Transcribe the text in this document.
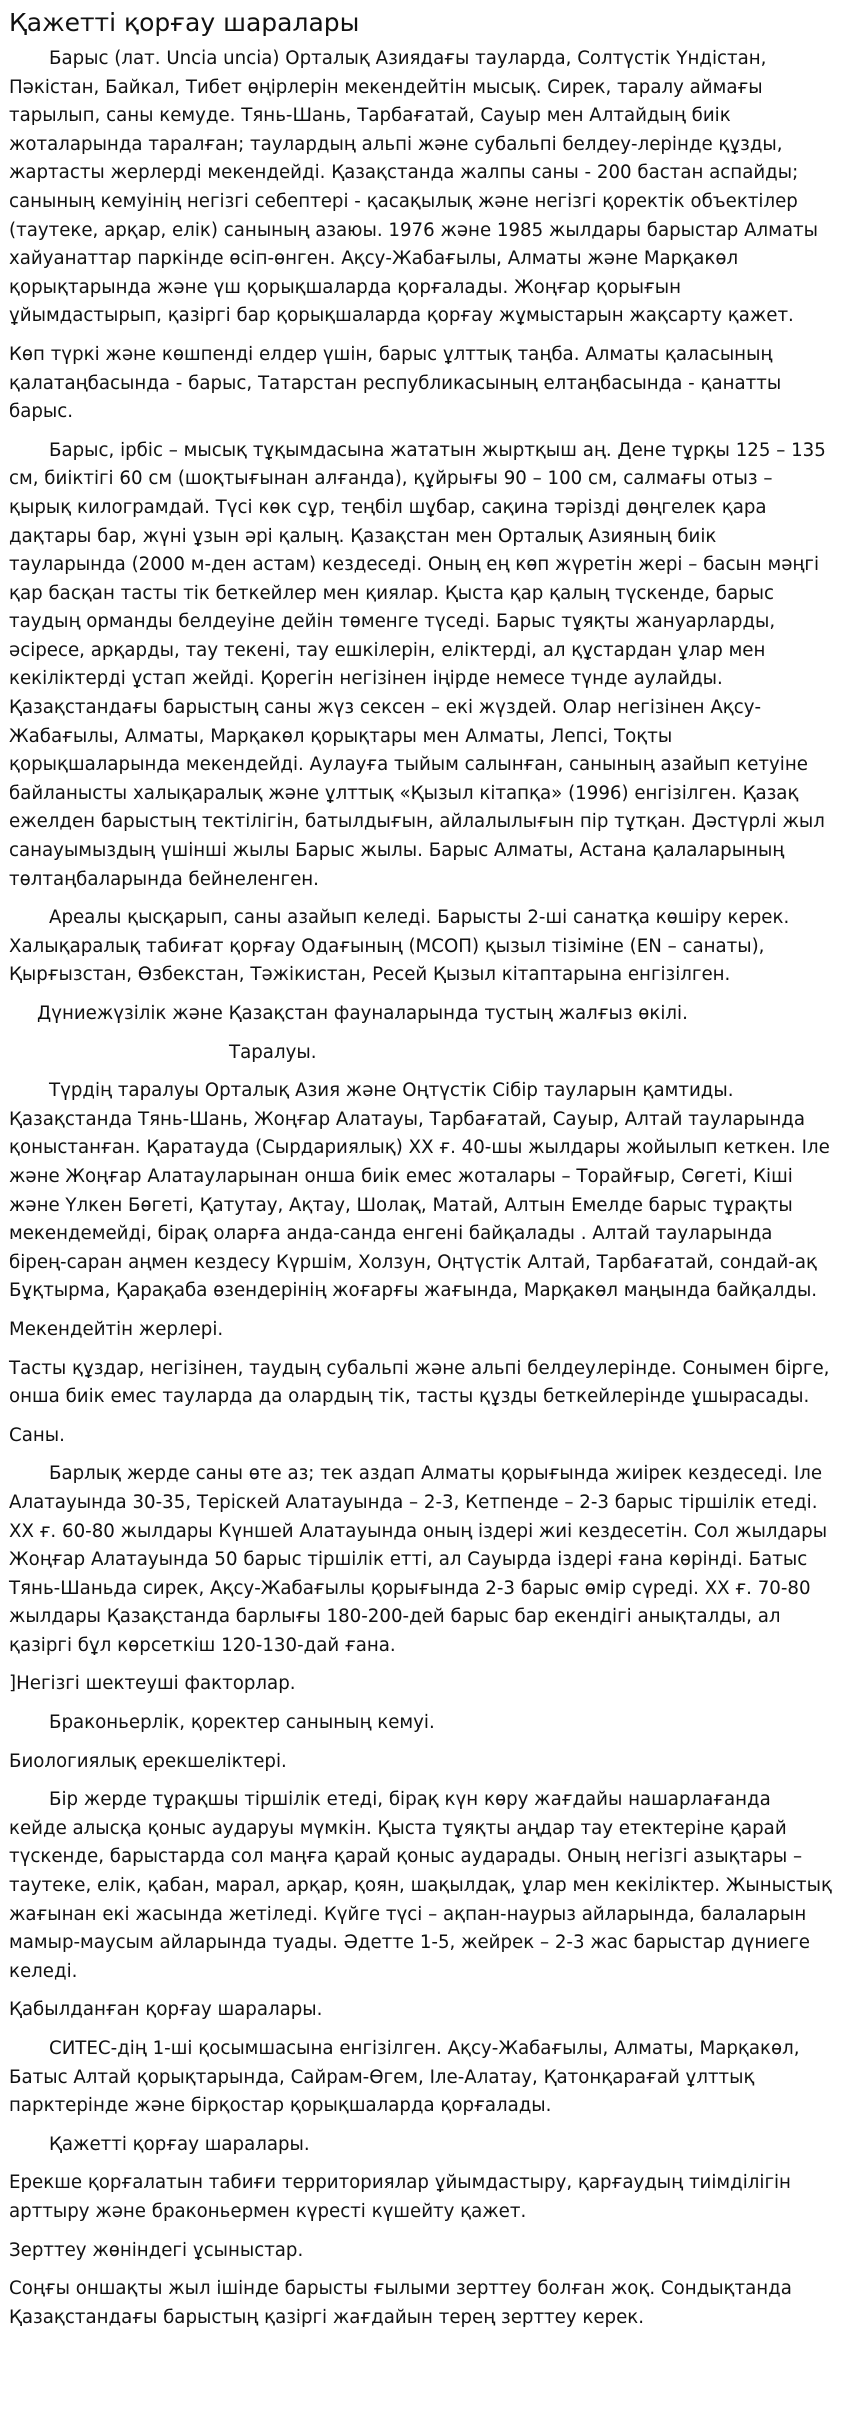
Қажетті қорғау шаралары

Барыс (лат. Uncia uncia) Орталық Азиядағы тауларда, Солтүстік Үндістан, Пәкістан, Байкал, Тибет өңірлерін мекендейтін мысық. Сирек, таралу аймағы тарылып, саны кемуде. Тянь-Шань, Тарбағатай, Сауыр мен Алтайдың биік жоталарында таралған; таулардың альпі және субальпі белдеу-лерінде құзды, жартасты жерлерді мекендейді. Қазақстанда жалпы саны - 200 бастан аспайды; санының кемуінің негізгі себептері - қасақылық және негізгі қоректік объектілер (таутеке, арқар, елік) санының азаюы. 1976 және 1985 жылдары барыстар Алматы хайуанаттар паркінде өсіп-өнген. Ақсу-Жабағылы, Алматы және Марқакөл қорықтарында және үш қорықшаларда қорғалады. Жоңғар қорығын ұйымдастырып, қазіргі бар қорықшаларда қорғау жұмыстарын жақсарту қажет.

Көп түркі және көшпенді елдер үшін, барыс ұлттық таңба. Алматы қаласының қалатаңбасында - барыс, Татарстан республикасының елтаңбасында - қанатты барыс.

Барыс, ірбіс – мысық тұқымдасына жататын жыртқыш аң. Дене тұрқы 125 – 135 см, биіктігі 60 см (шоқтығынан алғанда), құйрығы 90 – 100 см, салмағы отыз – қырық килограмдай. Түсі көк сұр, теңбіл шұбар, сақина тәрізді дөңгелек қара дақтары бар, жүні ұзын әрі қалың. Қазақстан мен Орталық Азияның биік тауларында (2000 м-ден астам) кездеседі. Оның ең көп жүретін жері – басын мәңгі қар басқан тасты тік беткейлер мен қиялар. Қыста қар қалың түскенде, барыс таудың орманды белдеуіне дейін төменге түседі. Барыс тұяқты жануарларды, әсіресе, арқарды, тау текені, тау ешкілерін, еліктерді, ал құстардан ұлар мен кекіліктерді ұстап жейді. Қорегін негізінен іңірде немесе түнде аулайды. Қазақстандағы барыстың саны жүз сексен – екі жүздей. Олар негізінен Ақсу-Жабағылы, Алматы, Марқакөл қорықтары мен Алматы, Лепсі, Тоқты қорықшаларында мекендейді. Аулауға тыйым салынған, санының азайып кетуіне байланысты халықаралық және ұлттық «Қызыл кітапқа» (1996) енгізілген. Қазақ ежелден барыстың тектілігін, батылдығын, айлалылығын пір тұтқан. Дәстүрлі жыл санауымыздың үшінші жылы Барыс жылы. Барыс Алматы, Астана қалаларының төлтаңбаларында бейнеленген.

Ареалы қысқарып, саны азайып келеді. Барысты 2-ші санатқа көшіру керек. Халықаралық табиғат қорғау Одағының (МСОП) қызыл тізіміне (EN – санаты), Қырғызстан, Өзбекстан, Тәжікистан, Ресей Қызыл кітаптарына енгізілген.

Дүниежүзілік және Қазақстан фауналарында тустың жалғыз өкілі.

Таралуы.

Түрдің таралуы Орталық Азия және Оңтүстік Сібір тауларын қамтиды. Қазақстанда Тянь-Шань, Жоңғар Алатауы, Тарбағатай, Сауыр, Алтай тауларында қоныстанған. Қаратауда (Сырдариялық) ХХ ғ. 40-шы жылдары жойылып кеткен. Іле және Жоңғар Алатауларынан онша биік емес жоталары – Торайғыр, Сөгеті, Кіші және Үлкен Бөгеті, Қатутау, Ақтау, Шолақ, Матай, Алтын Емелде барыс тұрақты мекендемейді, бірақ оларға анда-санда енгені байқалады . Алтай тауларында бірең-саран аңмен кездесу Күршім, Холзун, Оңтүстік Алтай, Тарбағатай, сондай-ақ Бұқтырма, Қарақаба өзендерінің жоғарғы жағында, Марқакөл маңында байқалды.

Мекендейтін жерлері.

Тасты құздар, негізінен, таудың субальпі және альпі белдеулерінде. Сонымен бірге, онша биік емес тауларда да олардың тік, тасты құзды беткейлерінде ұшырасады.

Саны.

Барлық жерде саны өте аз; тек аздап Алматы қорығында жиірек кездеседі. Іле Алатауында 30-35, Терiскей Алатауында – 2-3, Кетпенде – 2-3 барыс тіршілік етеді. ХХ ғ. 60-80 жылдары Күншей Алатауында оның іздері жиі кездесетін. Сол жылдары Жоңғар Алатауында 50 барыс тіршілік етті, ал Сауырда іздері ғана көрінді. Батыс Тянь-Шаньда сирек, Ақсу-Жабағылы қорығында 2-3 барыс өмір сүреді. ХХ ғ. 70-80 жылдары Қазақстанда барлығы 180-200-дей барыс бар екендігі анықталды, ал қазіргі бұл көрсеткіш 120-130-дай ғана.

]Негізгі шектеуші факторлар.

Браконьерлік, қоректер санының кемуі.

Биологиялық ерекшеліктері.

Бір жерде тұрақшы тіршілік етеді, бірақ күн көру жағдайы нашарлағанда кейде алысқа қоныс аударуы мүмкін. Қыста тұяқты аңдар тау етектеріне қарай түскенде, барыстарда сол маңға қарай қоныс аударады. Оның негізгі азықтары –таутеке, елік, қабан, марал, арқар, қоян, шақылдақ, ұлар мен кекiлiктер. Жыныстық жағынан екі жасында жетіледі. Күйге түсі – ақпан-наурыз айларында, балаларын мамыр-маусым айларында туады. Әдетте 1-5, жейрек – 2-3 жас барыстар дүниеге келеді.

Қабылданған қорғау шаралары.

СИТЕС-дің 1-ші қосымшасына енгізілген. Ақсу-Жабағылы, Алматы, Марқакөл, Батыс Алтай қорықтарында, Сайрам-Өгем, Іле-Алатау, Қатонқарағай ұлттық парктерінде және бірқостар қорықшаларда қорғалады.

Қажетті қорғау шаралары.

Ерекше қорғалатын табиғи территориялар ұйымдастыру, қарғаудың тиімділігін арттыру және браконьермен күресті күшейту қажет.

Зерттеу жөніндегі ұсыныстар.

Соңғы оншақты жыл ішінде барысты ғылыми зерттеу болған жоқ. Сондықтанда Қазақстандағы барыстың қазіргі жағдайын терең зерттеу керек.
